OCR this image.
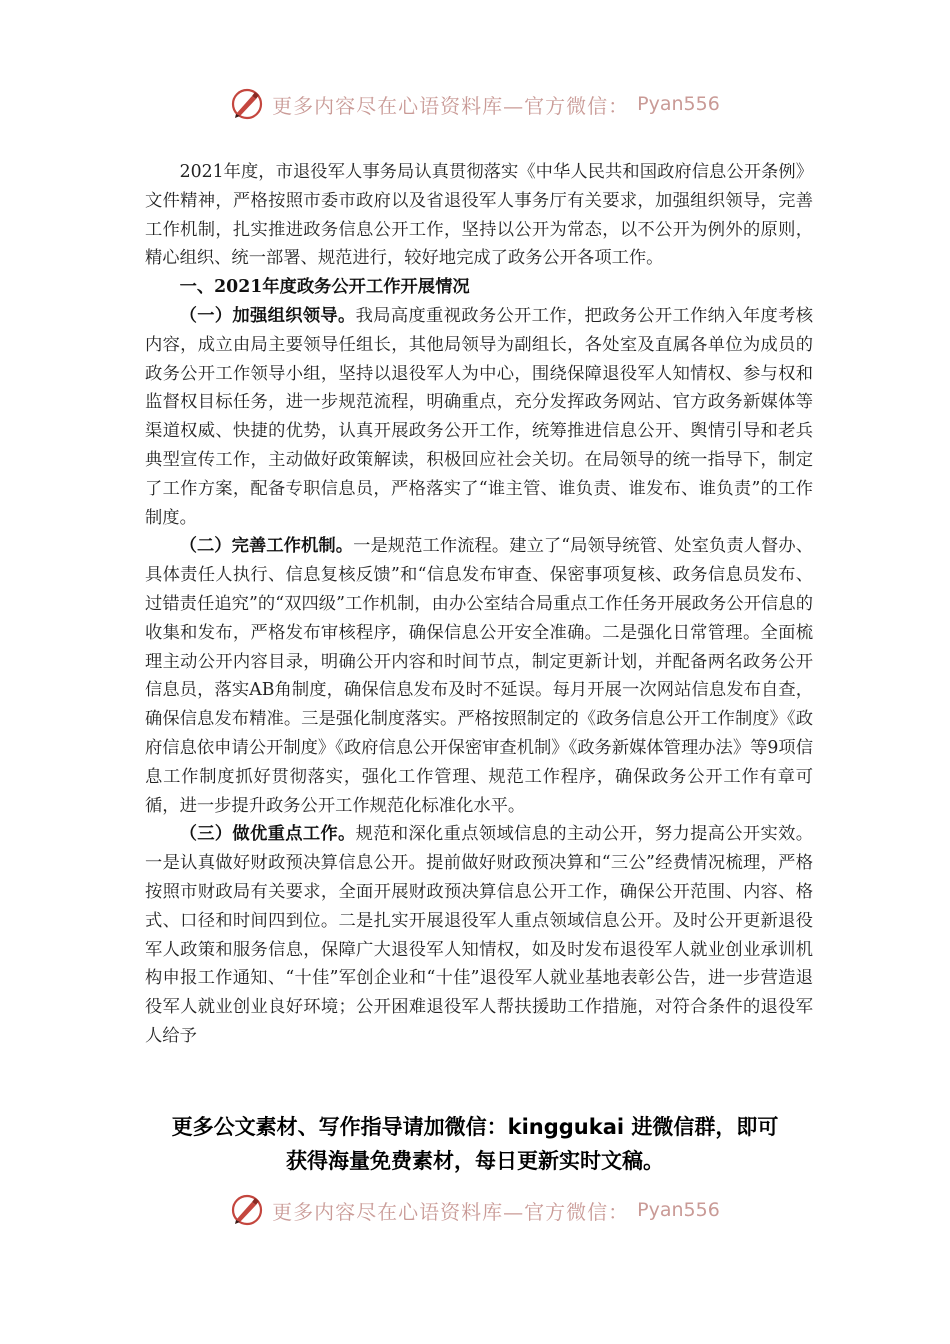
更多内容尽在心语资料库—官方微信： Pyan556

2021年度，市退役军人事务局认真贯彻落实《中华人民共和国政府信息公开条例》文件精神，严格按照市委市政府以及省退役军人事务厅有关要求，加强组织领导，完善工作机制，扎实推进政务信息公开工作，坚持以公开为常态，以不公开为例外的原则，精心组织、统一部署、规范进行，较好地完成了政务公开各项工作。

一、2021年度政务公开工作开展情况

（一）加强组织领导。我局高度重视政务公开工作，把政务公开工作纳入年度考核内容，成立由局主要领导任组长，其他局领导为副组长，各处室及直属各单位为成员的政务公开工作领导小组，坚持以退役军人为中心，围绕保障退役军人知情权、参与权和监督权目标任务，进一步规范流程，明确重点，充分发挥政务网站、官方政务新媒体等渠道权威、快捷的优势，认真开展政务公开工作，统筹推进信息公开、舆情引导和老兵典型宣传工作，主动做好政策解读，积极回应社会关切。在局领导的统一指导下，制定了工作方案，配备专职信息员，严格落实了“谁主管、谁负责、谁发布、谁负责”的工作制度。

（二）完善工作机制。一是规范工作流程。建立了“局领导统管、处室负责人督办、具体责任人执行、信息复核反馈”和“信息发布审查、保密事项复核、政务信息员发布、过错责任追究”的“双四级”工作机制，由办公室结合局重点工作任务开展政务公开信息的收集和发布，严格发布审核程序，确保信息公开安全准确。二是强化日常管理。全面梳理主动公开内容目录，明确公开内容和时间节点，制定更新计划，并配备两名政务公开信息员，落实AB角制度，确保信息发布及时不延误。每月开展一次网站信息发布自查，确保信息发布精准。三是强化制度落实。严格按照制定的《政务信息公开工作制度》《政府信息依申请公开制度》《政府信息公开保密审查机制》《政务新媒体管理办法》等9项信息工作制度抓好贯彻落实，强化工作管理、规范工作程序，确保政务公开工作有章可循，进一步提升政务公开工作规范化标准化水平。

（三）做优重点工作。规范和深化重点领域信息的主动公开，努力提高公开实效。一是认真做好财政预决算信息公开。提前做好财政预决算和“三公”经费情况梳理，严格按照市财政局有关要求，全面开展财政预决算信息公开工作，确保公开范围、内容、格式、口径和时间四到位。二是扎实开展退役军人重点领域信息公开。及时公开更新退役军人政策和服务信息，保障广大退役军人知情权，如及时发布退役军人就业创业承训机构申报工作通知、“十佳”军创企业和“十佳”退役军人就业基地表彰公告，进一步营造退役军人就业创业良好环境；公开困难退役军人帮扶援助工作措施，对符合条件的退役军人给予

更多公文素材、写作指导请加微信：kinggukai 进微信群，即可
获得海量免费素材，每日更新实时文稿。
更多内容尽在心语资料库—官方微信： Pyan556
